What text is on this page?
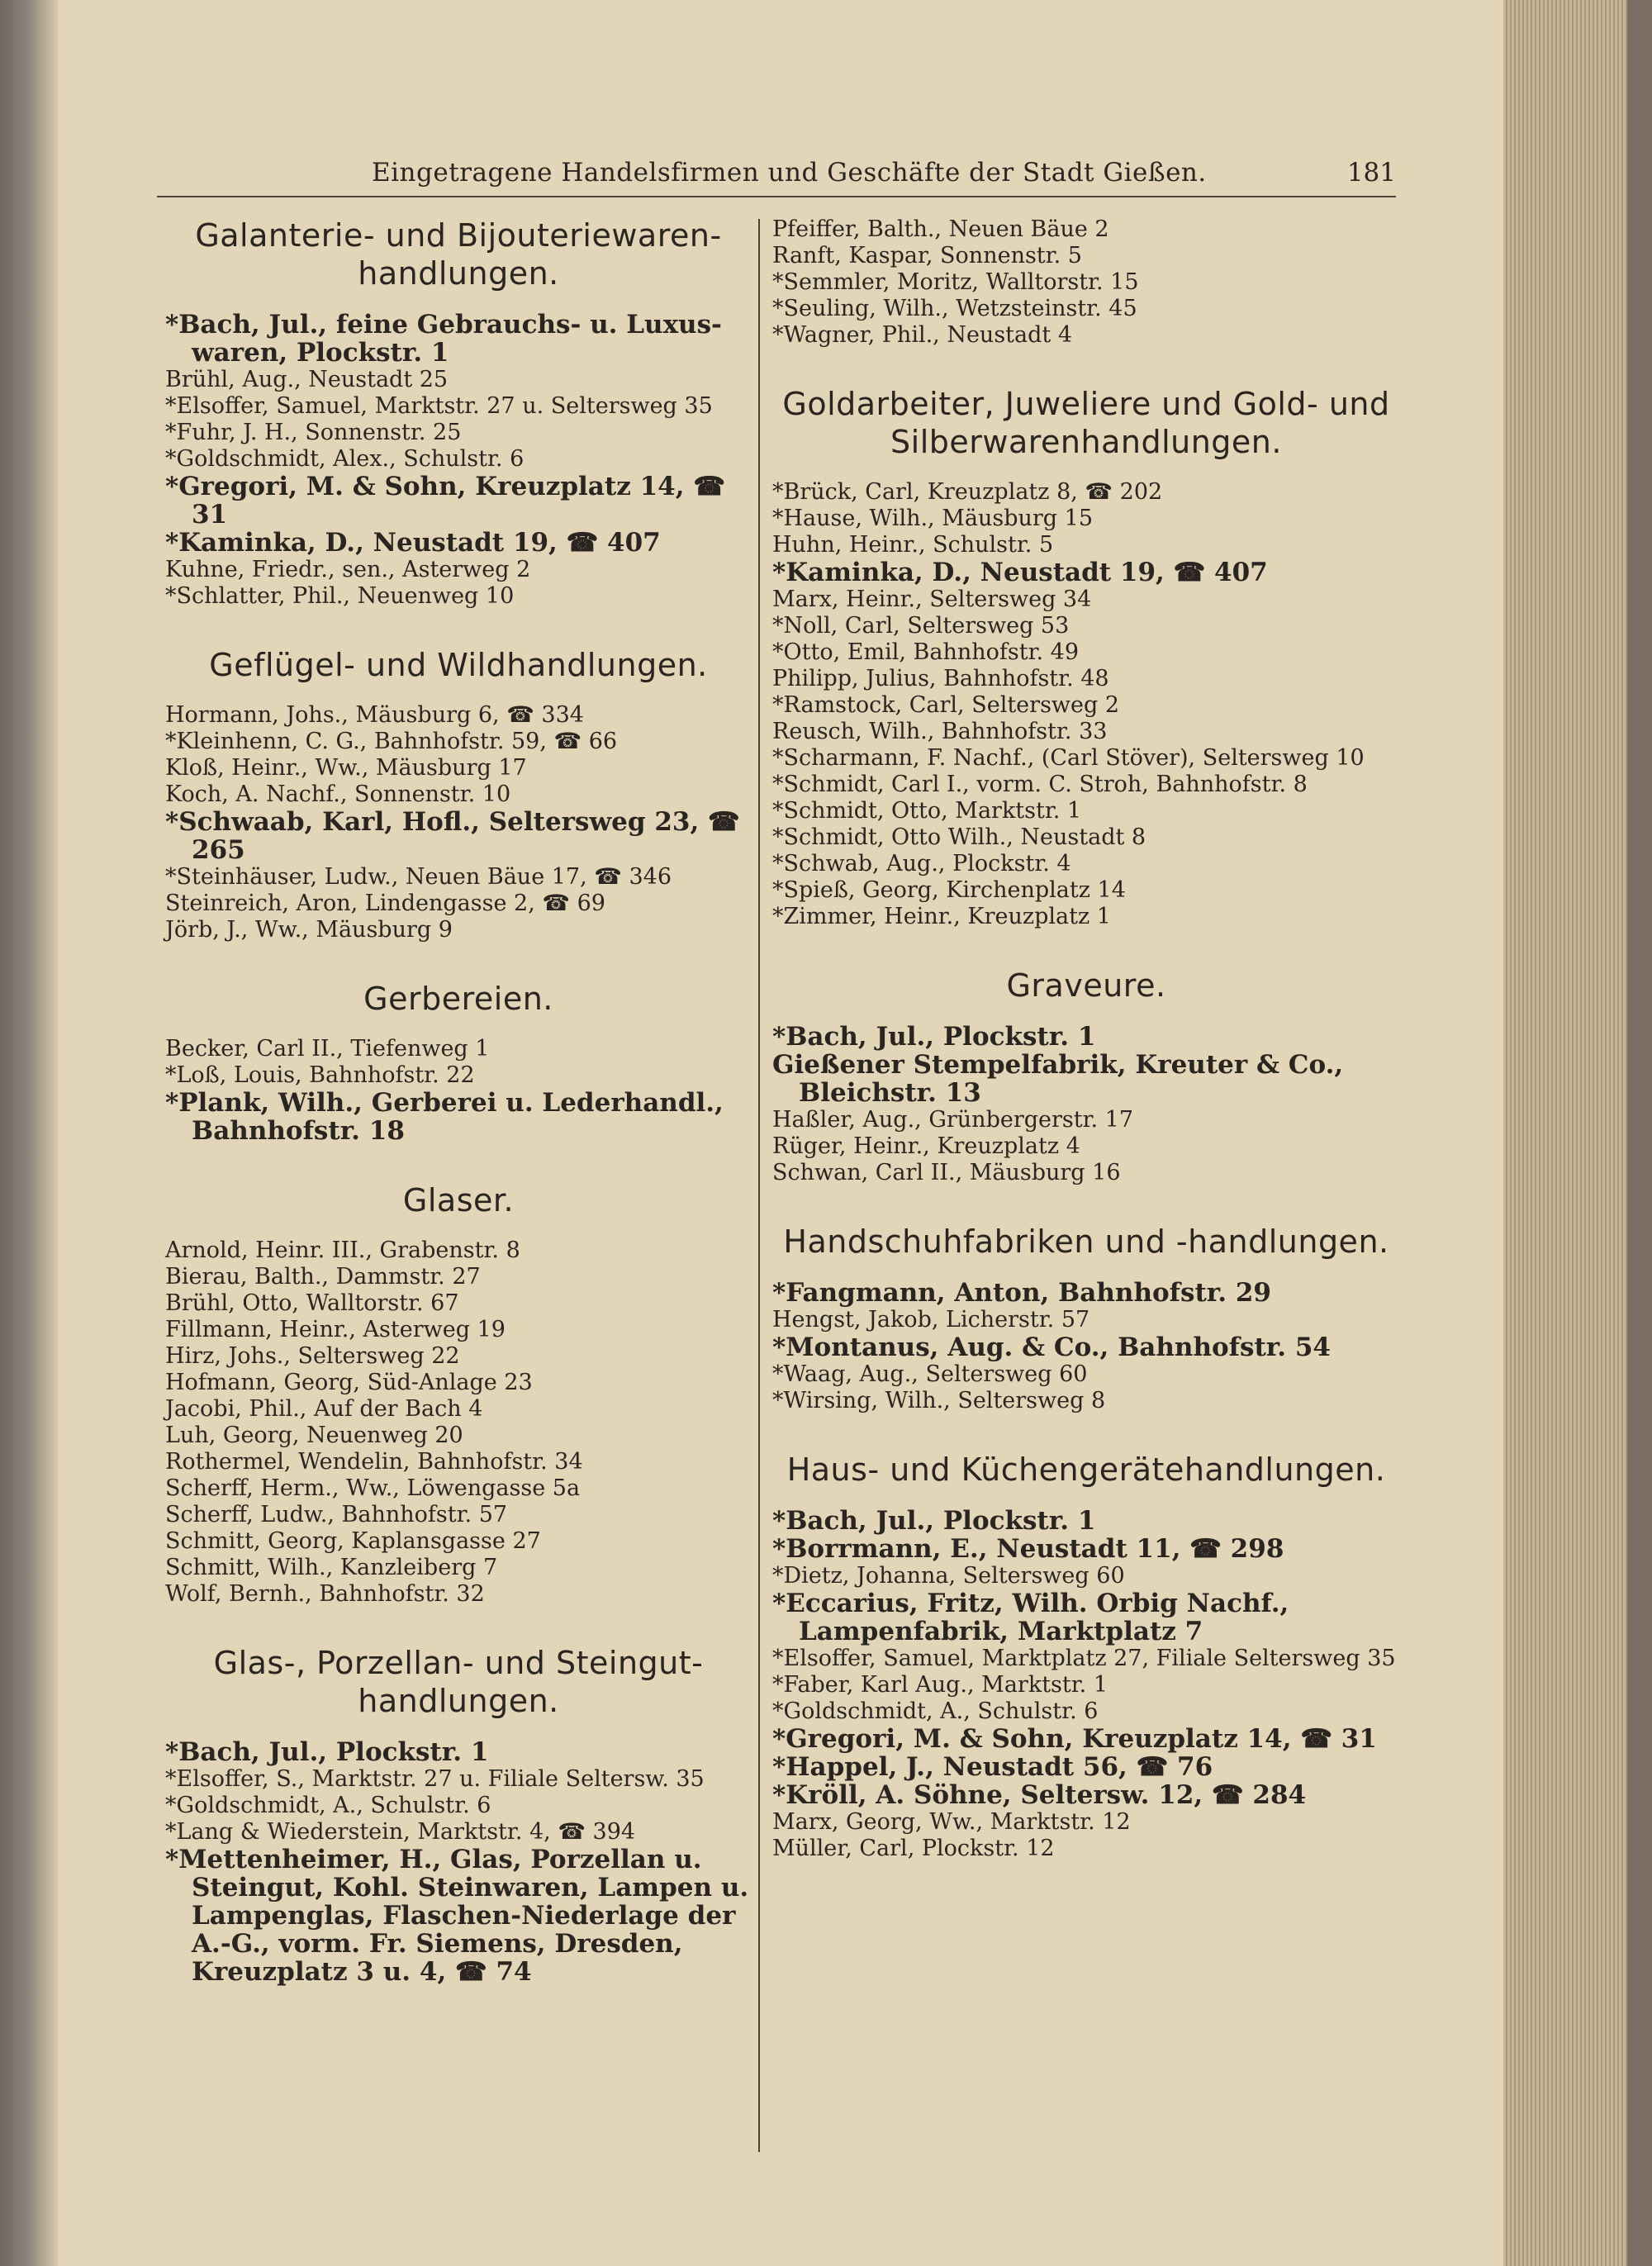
Eingetragene Handelsfirmen und Geschäfte der Stadt Gießen.	181
Galanterie- und Bijouteriewaren-handlungen.
*Bach, Jul., feine Gebrauchs- u. Luxus-waren, Plockstr. 1
Brühl, Aug., Neustadt 25
*Elsoffer, Samuel, Marktstr. 27 u. Seltersweg 35
*Fuhr, J. H., Sonnenstr. 25
*Goldschmidt, Alex., Schulstr. 6
*Gregori, M. & Sohn, Kreuzplatz 14, ☎ 31
*Kaminka, D., Neustadt 19, ☎ 407
Kuhne, Friedr., sen., Asterweg 2
*Schlatter, Phil., Neuenweg 10
Geflügel- und Wildhandlungen.
Hormann, Johs., Mäusburg 6, ☎ 334
*Kleinhenn, C. G., Bahnhofstr. 59, ☎ 66
Kloß, Heinr., Ww., Mäusburg 17
Koch, A. Nachf., Sonnenstr. 10
*Schwaab, Karl, Hofl., Seltersweg 23, ☎ 265
*Steinhäuser, Ludw., Neuen Bäue 17, ☎ 346
Steinreich, Aron, Lindengasse 2, ☎ 69
Jörb, J., Ww., Mäusburg 9
Gerbereien.
Becker, Carl II., Tiefenweg 1
*Loß, Louis, Bahnhofstr. 22
*Plank, Wilh., Gerberei u. Lederhandl., Bahnhofstr. 18
Glaser.
Arnold, Heinr. III., Grabenstr. 8
Bierau, Balth., Dammstr. 27
Brühl, Otto, Walltorstr. 67
Fillmann, Heinr., Asterweg 19
Hirz, Johs., Seltersweg 22
Hofmann, Georg, Süd-Anlage 23
Jacobi, Phil., Auf der Bach 4
Luh, Georg, Neuenweg 20
Rothermel, Wendelin, Bahnhofstr. 34
Scherff, Herm., Ww., Löwengasse 5a
Scherff, Ludw., Bahnhofstr. 57
Schmitt, Georg, Kaplansgasse 27
Schmitt, Wilh., Kanzleiberg 7
Wolf, Bernh., Bahnhofstr. 32
Glas-, Porzellan- und Steingut-handlungen.
*Bach, Jul., Plockstr. 1
*Elsoffer, S., Marktstr. 27 u. Filiale Seltersw. 35
*Goldschmidt, A., Schulstr. 6
*Lang & Wiederstein, Marktstr. 4, ☎ 394
*Mettenheimer, H., Glas, Porzellan u. Steingut, Kohl. Steinwaren, Lampen u. Lampenglas, Flaschen-Niederlage der A.-G., vorm. Fr. Siemens, Dresden, Kreuzplatz 3 u. 4, ☎ 74
Pfeiffer, Balth., Neuen Bäue 2
Ranft, Kaspar, Sonnenstr. 5
*Semmler, Moritz, Walltorstr. 15
*Seuling, Wilh., Wetzsteinstr. 45
*Wagner, Phil., Neustadt 4
Goldarbeiter, Juweliere und Gold- und Silberwarenhandlungen.
*Brück, Carl, Kreuzplatz 8, ☎ 202
*Hause, Wilh., Mäusburg 15
Huhn, Heinr., Schulstr. 5
*Kaminka, D., Neustadt 19, ☎ 407
Marx, Heinr., Seltersweg 34
*Noll, Carl, Seltersweg 53
*Otto, Emil, Bahnhofstr. 49
Philipp, Julius, Bahnhofstr. 48
*Ramstock, Carl, Seltersweg 2
Reusch, Wilh., Bahnhofstr. 33
*Scharmann, F. Nachf., (Carl Stöver), Seltersweg 10
*Schmidt, Carl I., vorm. C. Stroh, Bahnhofstr. 8
*Schmidt, Otto, Marktstr. 1
*Schmidt, Otto Wilh., Neustadt 8
*Schwab, Aug., Plockstr. 4
*Spieß, Georg, Kirchenplatz 14
*Zimmer, Heinr., Kreuzplatz 1
Graveure.
*Bach, Jul., Plockstr. 1
Gießener Stempelfabrik, Kreuter & Co., Bleichstr. 13
Haßler, Aug., Grünbergerstr. 17
Rüger, Heinr., Kreuzplatz 4
Schwan, Carl II., Mäusburg 16
Handschuhfabriken und -handlungen.
*Fangmann, Anton, Bahnhofstr. 29
Hengst, Jakob, Licherstr. 57
*Montanus, Aug. & Co., Bahnhofstr. 54
*Waag, Aug., Seltersweg 60
*Wirsing, Wilh., Seltersweg 8
Haus- und Küchengerätehandlungen.
*Bach, Jul., Plockstr. 1
*Borrmann, E., Neustadt 11, ☎ 298
*Dietz, Johanna, Seltersweg 60
*Eccarius, Fritz, Wilh. Orbig Nachf., Lampenfabrik, Marktplatz 7
*Elsoffer, Samuel, Marktplatz 27, Filiale Seltersweg 35
*Faber, Karl Aug., Marktstr. 1
*Goldschmidt, A., Schulstr. 6
*Gregori, M. & Sohn, Kreuzplatz 14, ☎ 31
*Happel, J., Neustadt 56, ☎ 76
*Kröll, A. Söhne, Seltersw. 12, ☎ 284
Marx, Georg, Ww., Marktstr. 12
Müller, Carl, Plockstr. 12
